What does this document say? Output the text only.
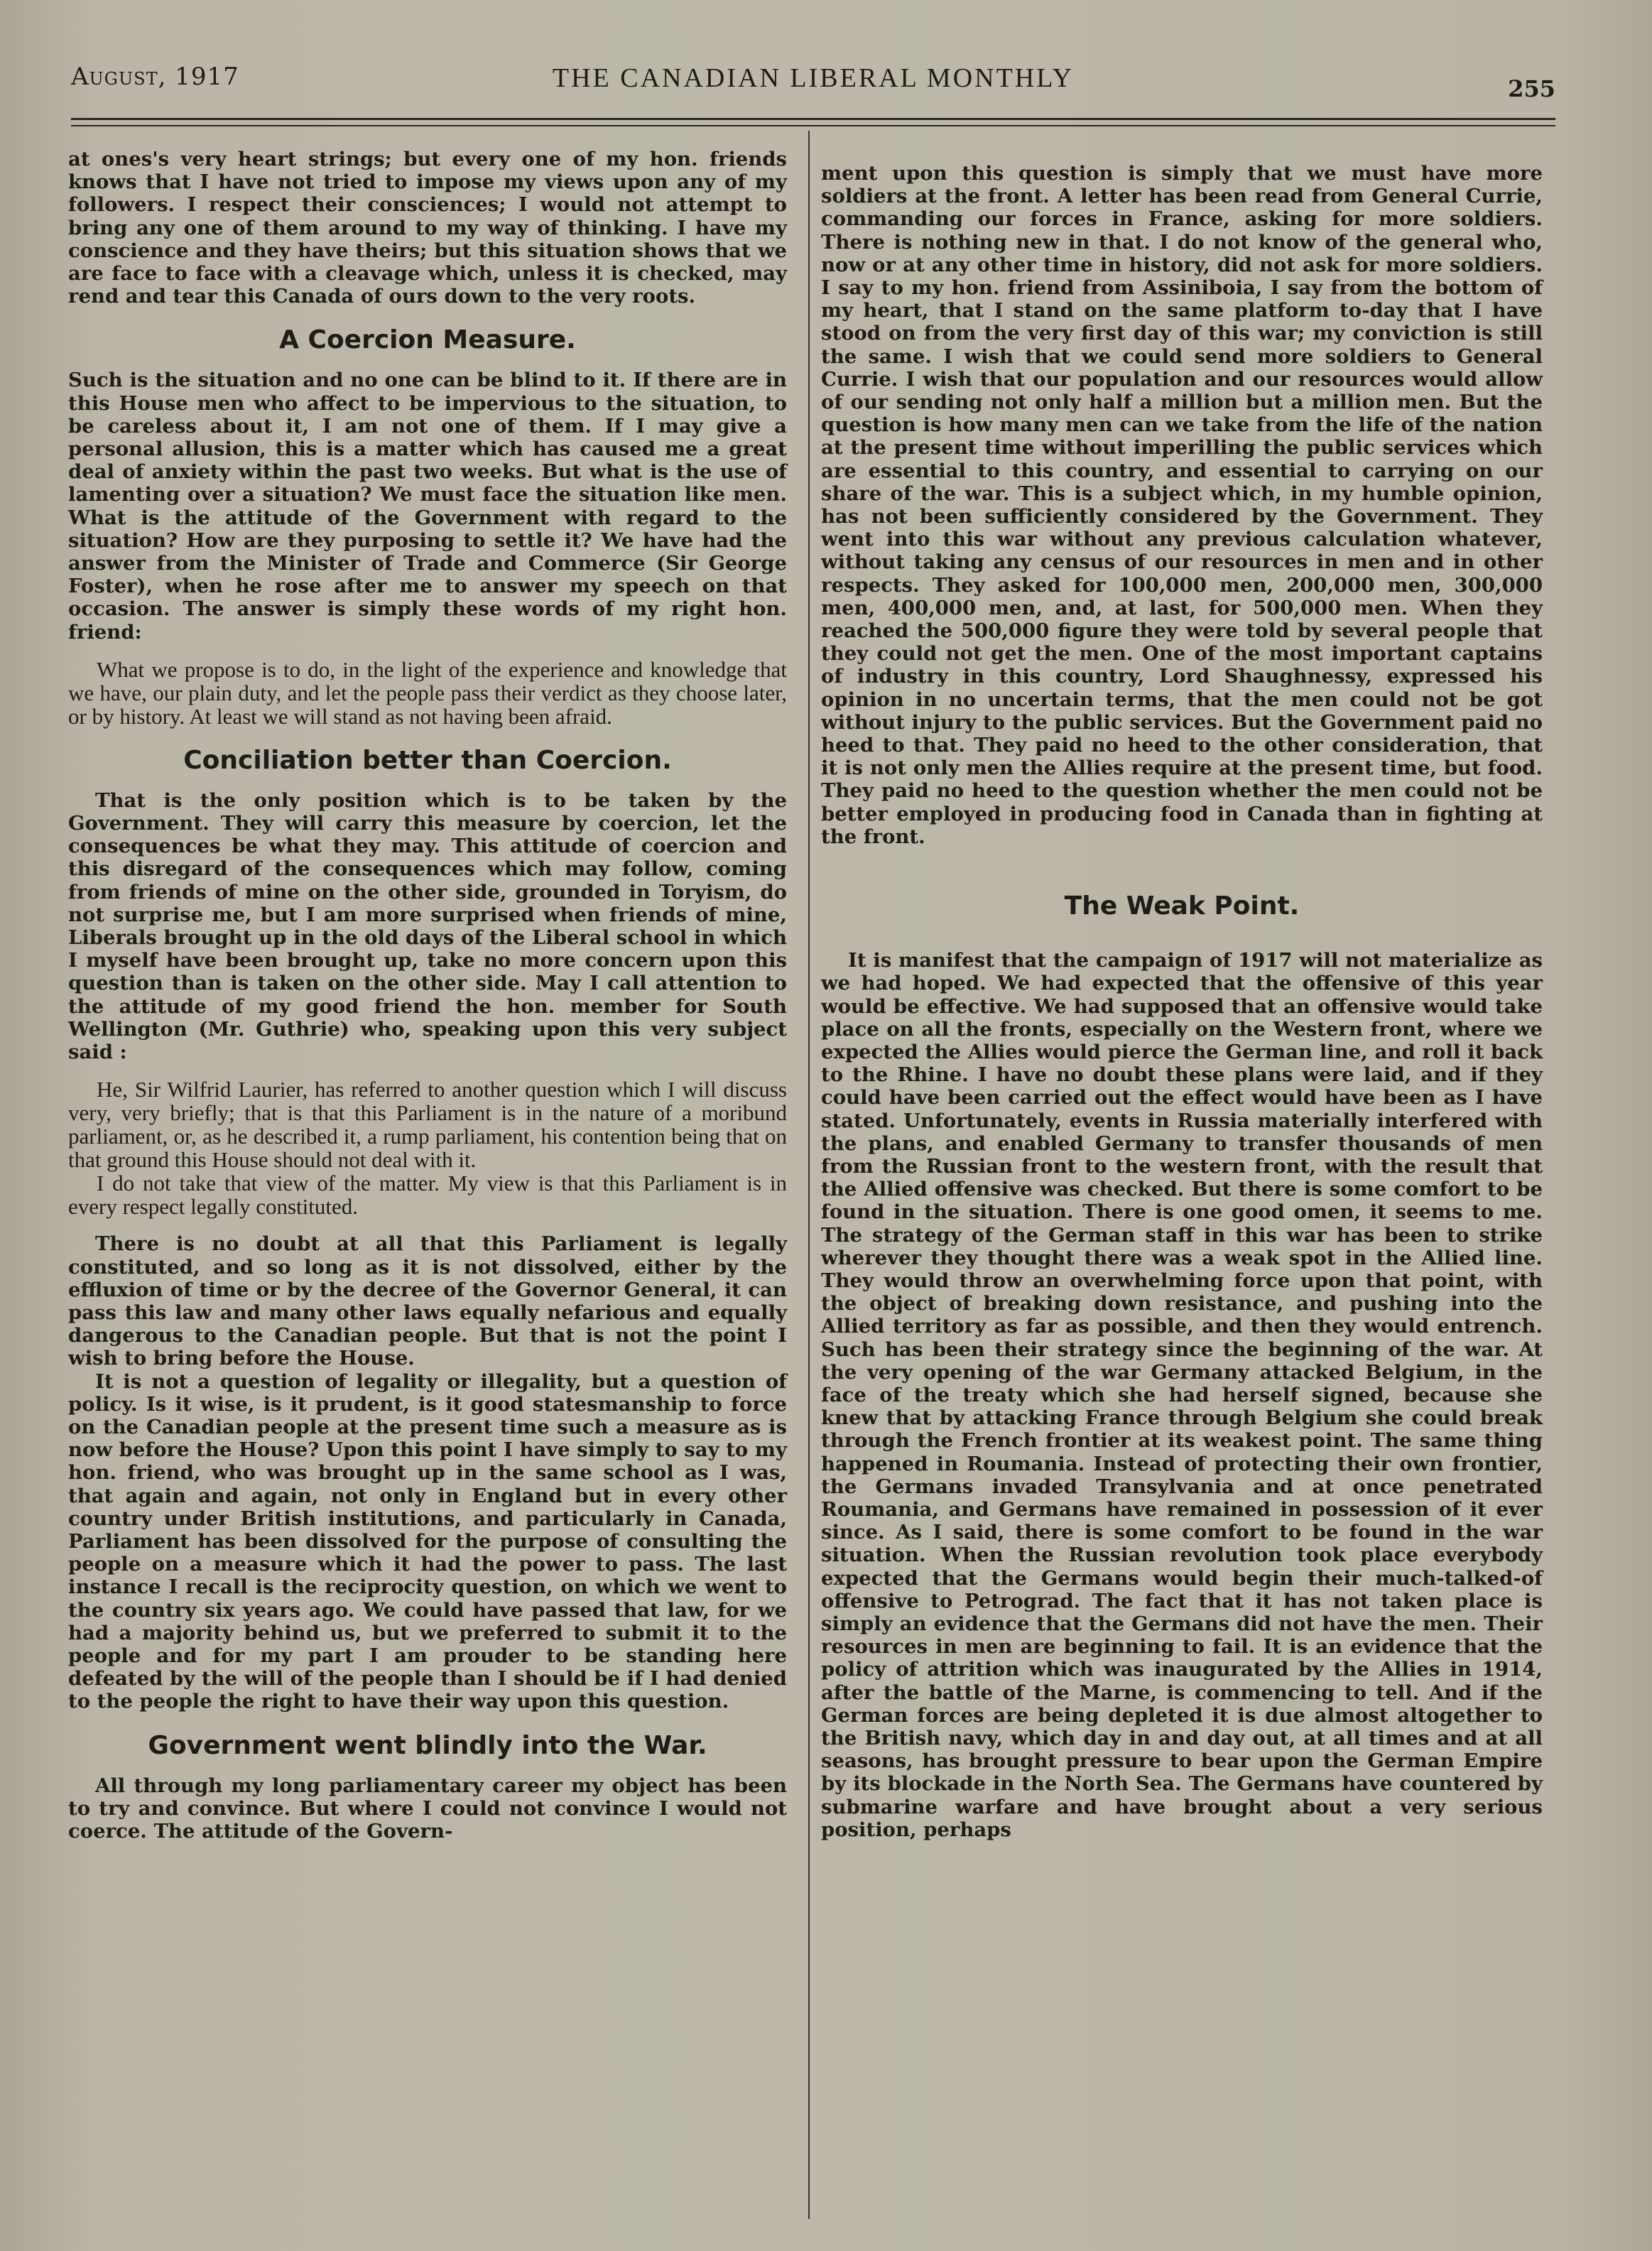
August, 1917	THE CANADIAN LIBERAL MONTHLY	255

at ones's very heart strings; but every one of my hon. friends knows that I have not tried to impose my views upon any of my followers. I respect their consciences; I would not attempt to bring any one of them around to my way of thinking. I have my conscience and they have theirs; but this situation shows that we are face to face with a cleavage which, unless it is checked, may rend and tear this Canada of ours down to the very roots.

A Coercion Measure.

Such is the situation and no one can be blind to it. If there are in this House men who affect to be impervious to the situation, to be careless about it, I am not one of them. If I may give a personal allusion, this is a matter which has caused me a great deal of anxiety within the past two weeks. But what is the use of lamenting over a situation? We must face the situation like men. What is the attitude of the Government with regard to the situation? How are they purposing to settle it? We have had the answer from the Minister of Trade and Commerce (Sir George Foster), when he rose after me to answer my speech on that occasion. The answer is simply these words of my right hon. friend:

What we propose is to do, in the light of the experience and knowledge that we have, our plain duty, and let the people pass their verdict as they choose later, or by history. At least we will stand as not having been afraid.

Conciliation better than Coercion.

That is the only position which is to be taken by the Government. They will carry this measure by coercion, let the consequences be what they may. This attitude of coercion and this disregard of the consequences which may follow, coming from friends of mine on the other side, grounded in Toryism, do not surprise me, but I am more surprised when friends of mine, Liberals brought up in the old days of the Liberal school in which I myself have been brought up, take no more concern upon this question than is taken on the other side. May I call attention to the attitude of my good friend the hon. member for South Wellington (Mr. Guthrie) who, speaking upon this very subject said :

He, Sir Wilfrid Laurier, has referred to another question which I will discuss very, very briefly; that is that this Parliament is in the nature of a moribund parliament, or, as he described it, a rump parliament, his contention being that on that ground this House should not deal with it.

I do not take that view of the matter. My view is that this Parliament is in every respect legally constituted.

There is no doubt at all that this Parliament is legally constituted, and so long as it is not dissolved, either by the effluxion of time or by the decree of the Governor General, it can pass this law and many other laws equally nefarious and equally dangerous to the Canadian people. But that is not the point I wish to bring before the House.

It is not a question of legality or illegality, but a question of policy. Is it wise, is it prudent, is it good statesmanship to force on the Canadian people at the present time such a measure as is now before the House? Upon this point I have simply to say to my hon. friend, who was brought up in the same school as I was, that again and again, not only in England but in every other country under British institutions, and particularly in Canada, Parliament has been dissolved for the purpose of consulting the people on a measure which it had the power to pass. The last instance I recall is the reciprocity question, on which we went to the country six years ago. We could have passed that law, for we had a majority behind us, but we preferred to submit it to the people and for my part I am prouder to be standing here defeated by the will of the people than I should be if I had denied to the people the right to have their way upon this question.

Government went blindly into the War.

All through my long parliamentary career my object has been to try and convince. But where I could not convince I would not coerce. The attitude of the Govern-

ment upon this question is simply that we must have more soldiers at the front. A letter has been read from General Currie, commanding our forces in France, asking for more soldiers. There is nothing new in that. I do not know of the general who, now or at any other time in history, did not ask for more soldiers. I say to my hon. friend from Assiniboia, I say from the bottom of my heart, that I stand on the same platform to-day that I have stood on from the very first day of this war; my conviction is still the same. I wish that we could send more soldiers to General Currie. I wish that our population and our resources would allow of our sending not only half a million but a million men. But the question is how many men can we take from the life of the nation at the present time without imperilling the public services which are essential to this country, and essential to carrying on our share of the war. This is a subject which, in my humble opinion, has not been sufficiently considered by the Government. They went into this war without any previous calculation whatever, without taking any census of our resources in men and in other respects. They asked for 100,000 men, 200,000 men, 300,000 men, 400,000 men, and, at last, for 500,000 men. When they reached the 500,000 figure they were told by several people that they could not get the men. One of the most important captains of industry in this country, Lord Shaughnessy, expressed his opinion in no uncertain terms, that the men could not be got without injury to the public services. But the Government paid no heed to that. They paid no heed to the other consideration, that it is not only men the Allies require at the present time, but food. They paid no heed to the question whether the men could not be better employed in producing food in Canada than in fighting at the front.

The Weak Point.

It is manifest that the campaign of 1917 will not materialize as we had hoped. We had expected that the offensive of this year would be effective. We had supposed that an offensive would take place on all the fronts, especially on the Western front, where we expected the Allies would pierce the German line, and roll it back to the Rhine. I have no doubt these plans were laid, and if they could have been carried out the effect would have been as I have stated. Unfortunately, events in Russia materially interfered with the plans, and enabled Germany to transfer thousands of men from the Russian front to the western front, with the result that the Allied offensive was checked. But there is some comfort to be found in the situation. There is one good omen, it seems to me. The strategy of the German staff in this war has been to strike wherever they thought there was a weak spot in the Allied line. They would throw an overwhelming force upon that point, with the object of breaking down resistance, and pushing into the Allied territory as far as possible, and then they would entrench. Such has been their strategy since the beginning of the war. At the very opening of the war Germany attacked Belgium, in the face of the treaty which she had herself signed, because she knew that by attacking France through Belgium she could break through the French frontier at its weakest point. The same thing happened in Roumania. Instead of protecting their own frontier, the Germans invaded Transylvania and at once penetrated Roumania, and Germans have remained in possession of it ever since. As I said, there is some comfort to be found in the war situation. When the Russian revolution took place everybody expected that the Germans would begin their much-talked-of offensive to Petrograd. The fact that it has not taken place is simply an evidence that the Germans did not have the men. Their resources in men are beginning to fail. It is an evidence that the policy of attrition which was inaugurated by the Allies in 1914, after the battle of the Marne, is commencing to tell. And if the German forces are being depleted it is due almost altogether to the British navy, which day in and day out, at all times and at all seasons, has brought pressure to bear upon the German Empire by its blockade in the North Sea. The Germans have countered by submarine warfare and have brought about a very serious position, perhaps
